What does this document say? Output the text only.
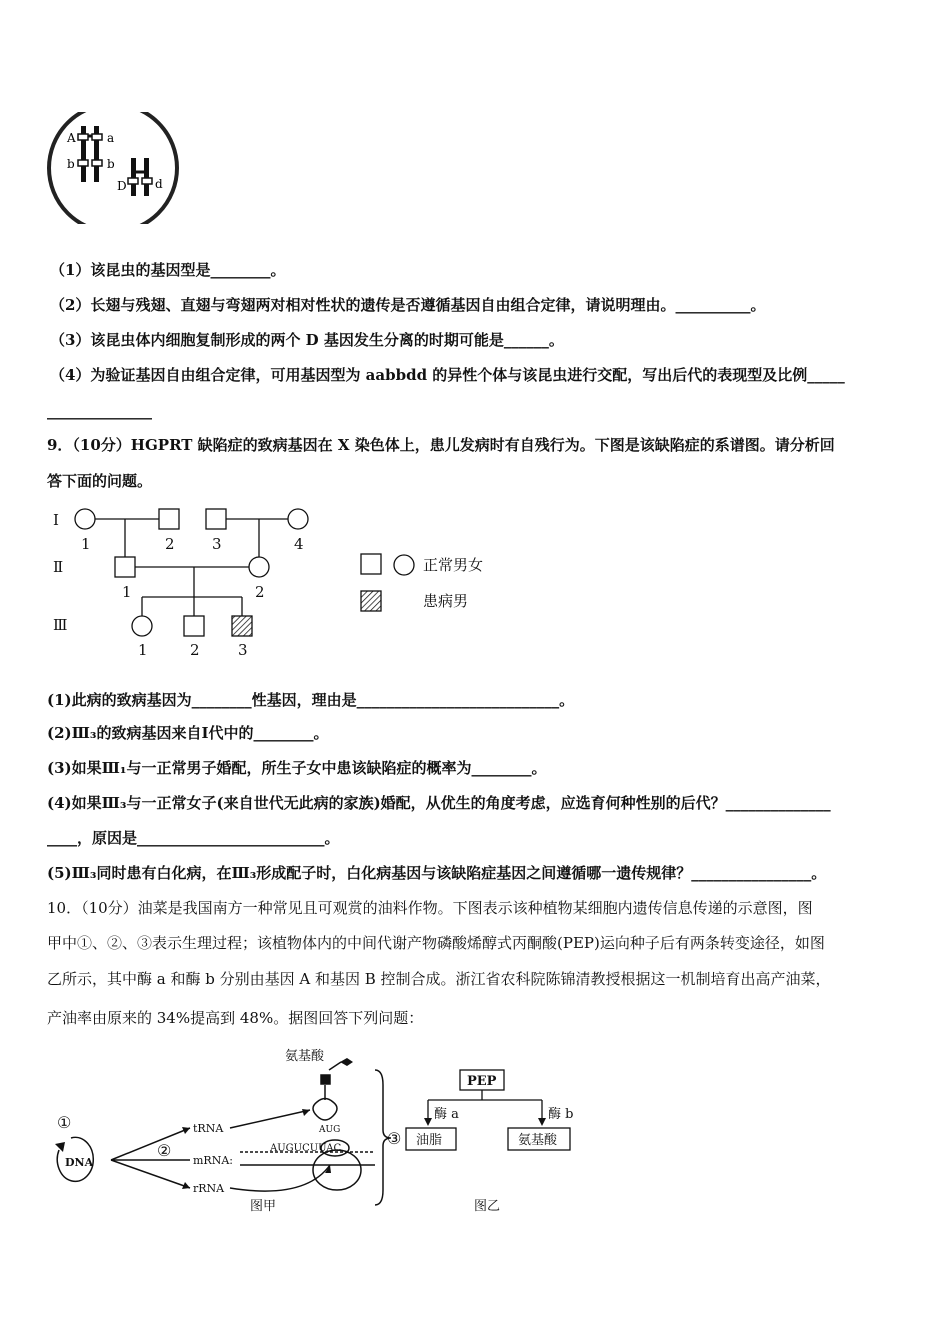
A	a
b	b
D d
（1）该昆虫的基因型是________。
（2）长翅与残翅、直翅与弯翅两对相对性状的遗传是否遵循基因自由组合定律，请说明理由。__________。
（3）该昆虫体内细胞复制形成的两个 D 基因发生分离的时期可能是______。
（4）为验证基因自由组合定律，可用基因型为 aabbdd 的异性个体与该昆虫进行交配，写出后代的表现型及比例_____
______________
9．（10分）HGPRT 缺陷症的致病基因在 X 染色体上，患儿发病时有自残行为。下图是该缺陷症的系谱图。请分析回
答下面的问题。
Ⅰ
Ⅱ
Ⅲ
1	2 3	4
1	2
1	2	3
正常男女
患病男
(1)此病的致病基因为________性基因，理由是___________________________。
(2)Ⅲ₃的致病基因来自Ⅰ代中的________。
(3)如果Ⅲ₁与一正常男子婚配，所生子女中患该缺陷症的概率为________。
(4)如果Ⅲ₃与一正常女子(来自世代无此病的家族)婚配，从优生的角度考虑，应选育何种性别的后代？______________
____，原因是_________________________。
(5)Ⅲ₃同时患有白化病，在Ⅲ₃形成配子时，白化病基因与该缺陷症基因之间遵循哪一遗传规律？________________。
10．（10分）油菜是我国南方一种常见且可观赏的油料作物。下图表示该种植物某细胞内遗传信息传递的示意图，图
甲中①、②、③表示生理过程；该植物体内的中间代谢产物磷酸烯醇式丙酮酸(PEP)运向种子后有两条转变途径，如图
乙所示，其中酶 a 和酶 b 分别由基因 A 和基因 B 控制合成。浙江省农科院陈锦清教授根据这一机制培育出高产油菜，
产油率由原来的 34%提高到 48%。据图回答下列问题：
氨基酸
①
②
③
DNA
tRNA
mRNA:
rRNA
AUG
AUGUCUUAC
图甲
PEP
酶 a	酶 b
油脂	氨基酸
图乙
